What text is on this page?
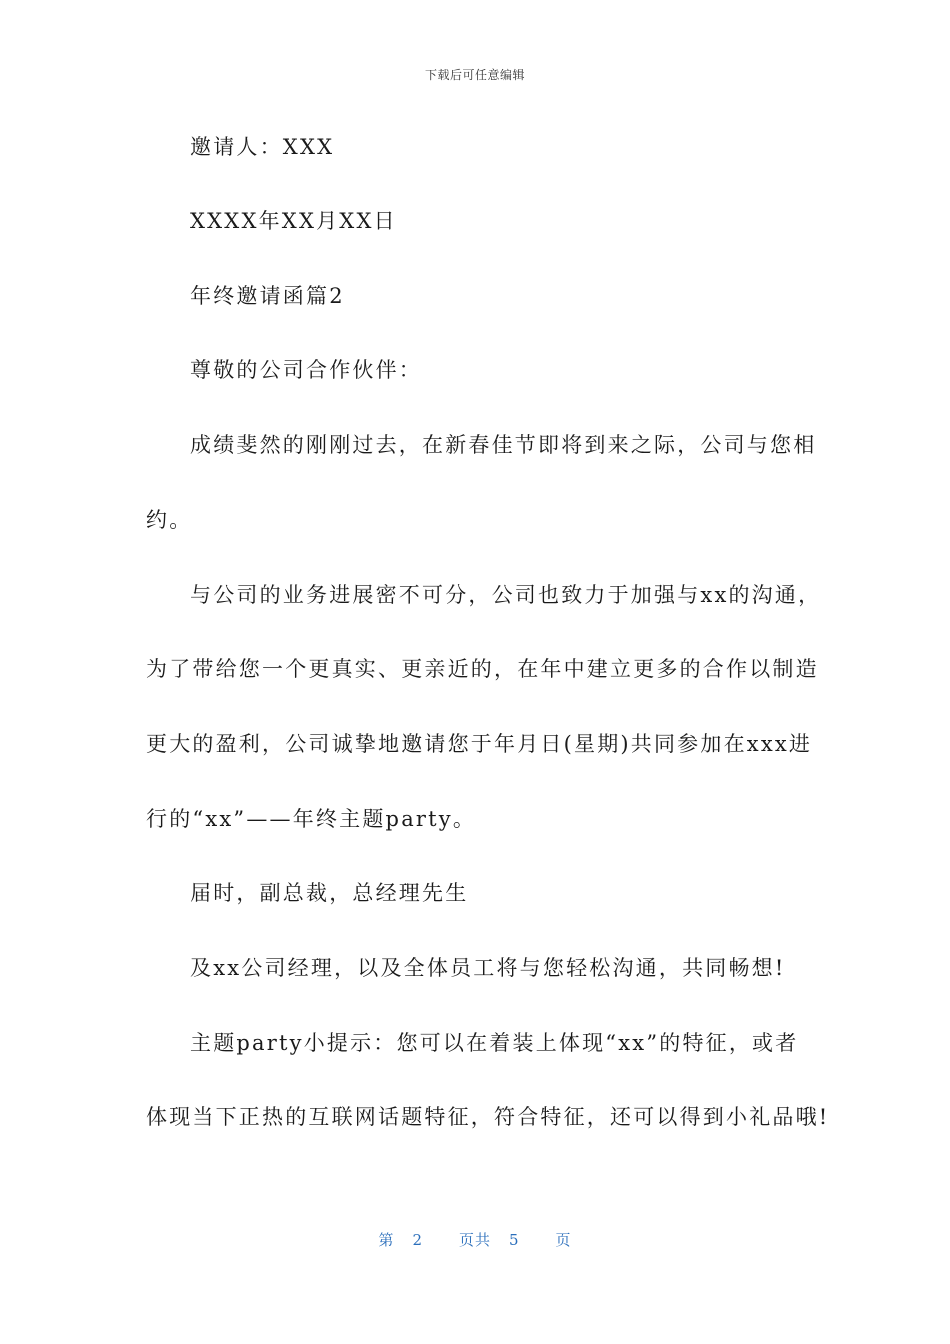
下载后可任意编辑
邀请人：XXX
XXXX年XX月XX日
年终邀请函篇2
尊敬的公司合作伙伴：
成绩斐然的刚刚过去，在新春佳节即将到来之际，公司与您相
约。
与公司的业务进展密不可分，公司也致力于加强与xx的沟通，
为了带给您一个更真实、更亲近的，在年中建立更多的合作以制造
更大的盈利，公司诚挚地邀请您于年月日(星期)共同参加在xxx进
行的“xx”——年终主题party。
届时，副总裁，总经理先生
及xx公司经理，以及全体员工将与您轻松沟通，共同畅想!
主题party小提示：您可以在着装上体现“xx”的特征，或者
体现当下正热的互联网话题特征，符合特征，还可以得到小礼品哦!
第 2 页共 5 页
